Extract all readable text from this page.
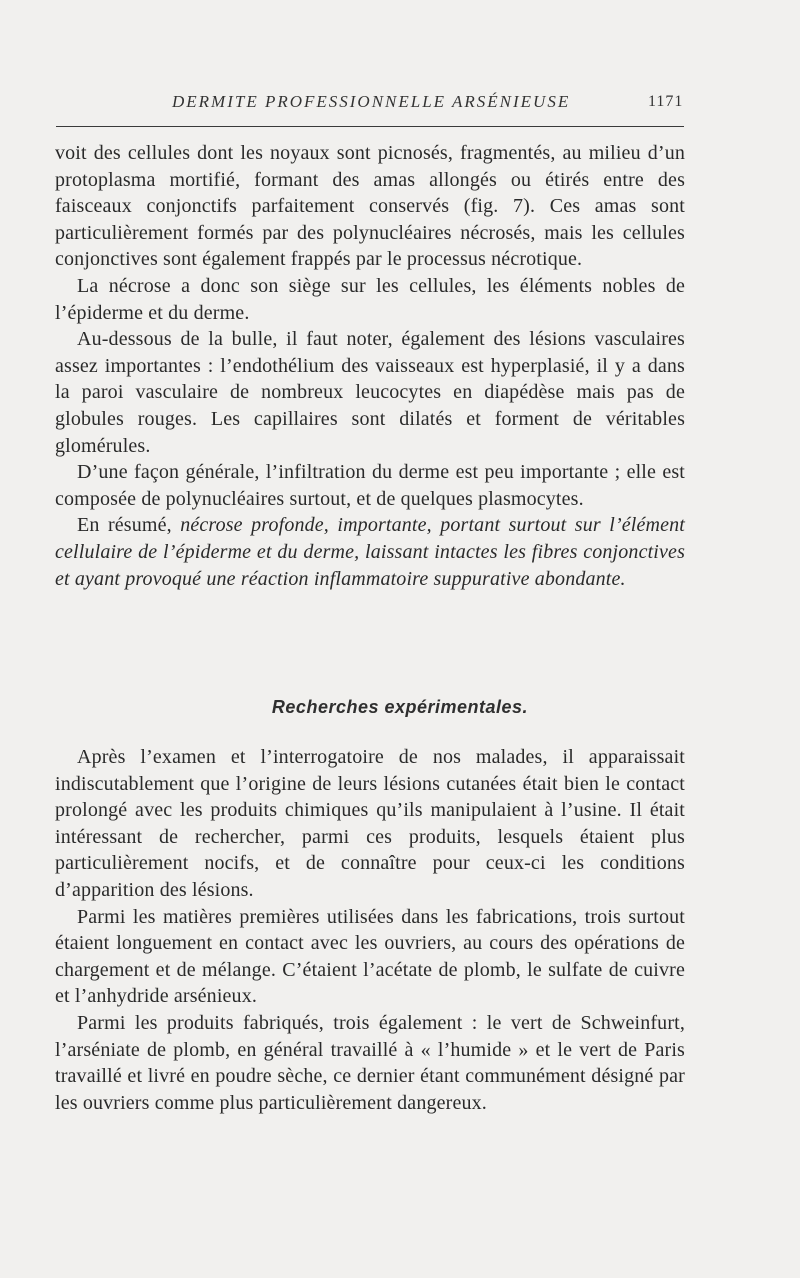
DERMITE PROFESSIONNELLE ARSÉNIEUSE	1171

voit des cellules dont les noyaux sont picnosés, fragmentés, au milieu d’un protoplasma mortifié, formant des amas allongés ou étirés entre des faisceaux conjonctifs parfaitement conservés (fig. 7). Ces amas sont particulièrement formés par des polynucléaires nécrosés, mais les cellules conjonctives sont également frappés par le processus nécrotique.

La nécrose a donc son siège sur les cellules, les éléments nobles de l’épiderme et du derme.

Au-dessous de la bulle, il faut noter, également des lésions vasculaires assez importantes : l’endothélium des vaisseaux est hyperplasié, il y a dans la paroi vasculaire de nombreux leucocytes en diapédèse mais pas de globules rouges. Les capillaires sont dilatés et forment de véritables glomérules.

D’une façon générale, l’infiltration du derme est peu importante ; elle est composée de polynucléaires surtout, et de quelques plasmocytes.

En résumé, nécrose profonde, importante, portant surtout sur l’élément cellulaire de l’épiderme et du derme, laissant intactes les fibres conjonctives et ayant provoqué une réaction inflammatoire suppurative abondante.

Recherches expérimentales.

Après l’examen et l’interrogatoire de nos malades, il apparaissait indiscutablement que l’origine de leurs lésions cutanées était bien le contact prolongé avec les produits chimiques qu’ils manipulaient à l’usine. Il était intéressant de rechercher, parmi ces produits, lesquels étaient plus particulièrement nocifs, et de connaître pour ceux-ci les conditions d’apparition des lésions.

Parmi les matières premières utilisées dans les fabrications, trois surtout étaient longuement en contact avec les ouvriers, au cours des opérations de chargement et de mélange. C’étaient l’acétate de plomb, le sulfate de cuivre et l’anhydride arsénieux.

Parmi les produits fabriqués, trois également : le vert de Schweinfurt, l’arséniate de plomb, en général travaillé à « l’humide » et le vert de Paris travaillé et livré en poudre sèche, ce dernier étant communément désigné par les ouvriers comme plus particulièrement dangereux.
